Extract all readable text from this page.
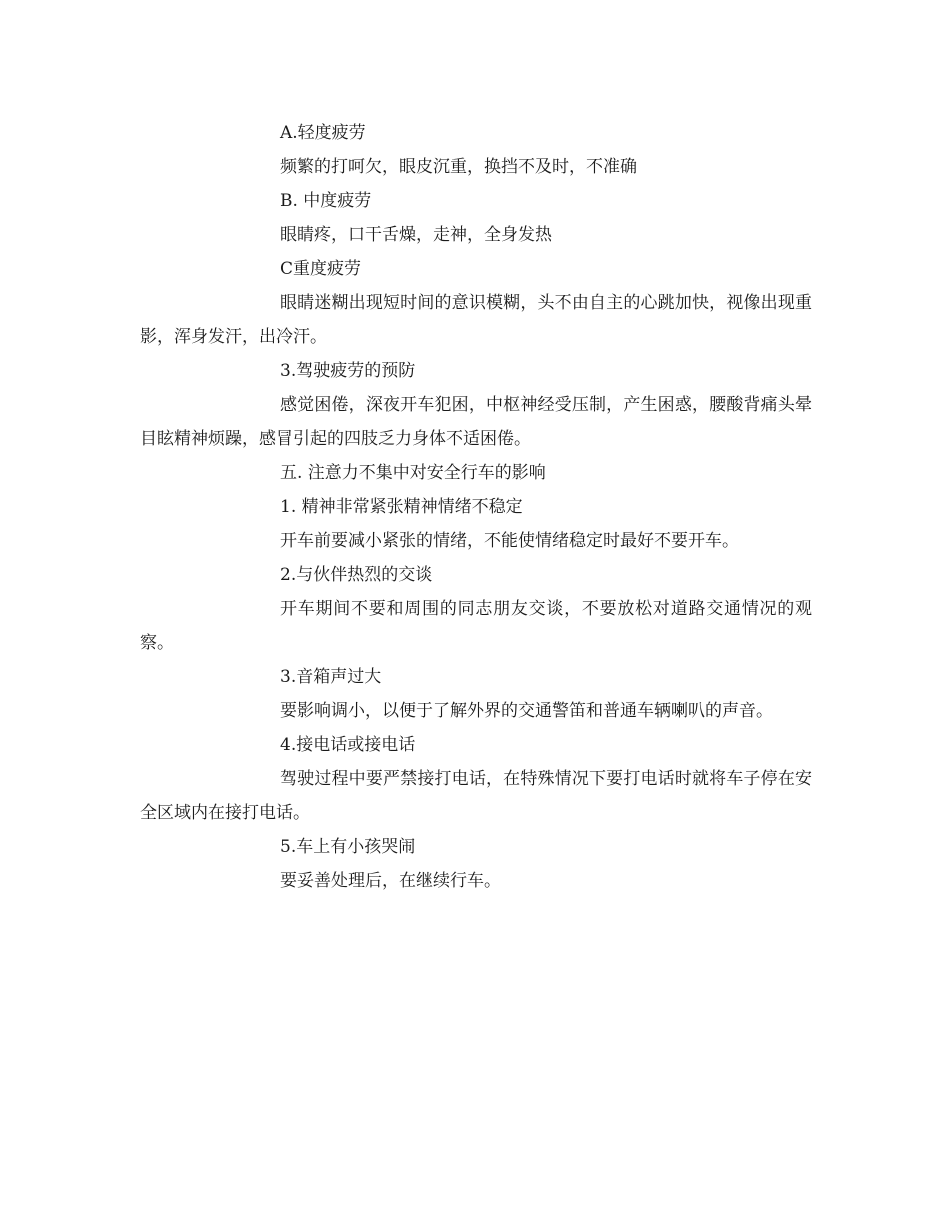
A.轻度疲劳

频繁的打呵欠，眼皮沉重，换挡不及时，不准确

B. 中度疲劳

眼睛疼，口干舌燥，走神，全身发热

C重度疲劳

眼睛迷糊出现短时间的意识模糊，头不由自主的心跳加快，视像出现重影，浑身发汗，出冷汗。

3.驾驶疲劳的预防

感觉困倦，深夜开车犯困，中枢神经受压制，产生困惑，腰酸背痛头晕目眩精神烦躁，感冒引起的四肢乏力身体不适困倦。

五. 注意力不集中对安全行车的影响

1. 精神非常紧张精神情绪不稳定

开车前要减小紧张的情绪，不能使情绪稳定时最好不要开车。

2.与伙伴热烈的交谈

开车期间不要和周围的同志朋友交谈，不要放松对道路交通情况的观察。

3.音箱声过大

要影响调小，以便于了解外界的交通警笛和普通车辆喇叭的声音。

4.接电话或接电话

驾驶过程中要严禁接打电话，在特殊情况下要打电话时就将车子停在安全区域内在接打电话。

5.车上有小孩哭闹

要妥善处理后，在继续行车。
